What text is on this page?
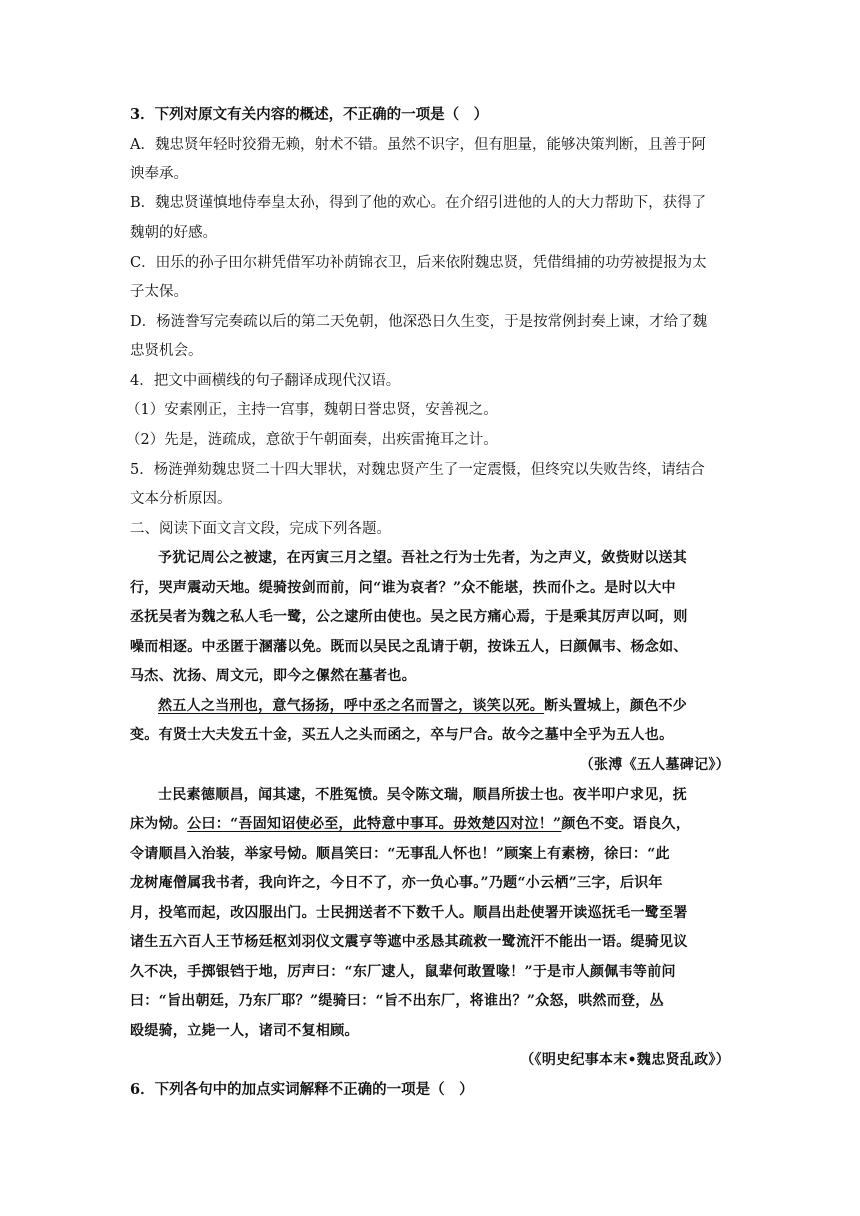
3．下列对原文有关内容的概述，不正确的一项是（　）
A．魏忠贤年轻时狡猾无赖，射术不错。虽然不识字，但有胆量，能够决策判断，且善于阿
谀奉承。
B．魏忠贤谨慎地侍奉皇太孙，得到了他的欢心。在介绍引进他的人的大力帮助下，获得了
魏朝的好感。
C．田乐的孙子田尔耕凭借军功补荫锦衣卫，后来依附魏忠贤，凭借缉捕的功劳被提报为太
子太保。
D．杨涟誊写完奏疏以后的第二天免朝，他深恐日久生变，于是按常例封奏上谏，才给了魏
忠贤机会。
4．把文中画横线的句子翻译成现代汉语。
（1）安素刚正，主持一宫事，魏朝日誉忠贤，安善视之。
（2）先是，涟疏成，意欲于午朝面奏，出疾雷掩耳之计。
5．杨涟弹劾魏忠贤二十四大罪状，对魏忠贤产生了一定震慑，但终究以失败告终，请结合
文本分析原因。
二、阅读下面文言文段，完成下列各题。
予犹记周公之被逮，在丙寅三月之望。吾社之行为士先者，为之声义，敛赀财以送其
行，哭声震动天地。缇骑按剑而前，问“谁为哀者？”众不能堪，抶而仆之。是时以大中
丞抚吴者为魏之私人毛一鹭，公之逮所由使也。吴之民方痛心焉，于是乘其厉声以呵，则
噪而相逐。中丞匿于溷藩以免。既而以吴民之乱请于朝，按诛五人，曰颜佩韦、杨念如、
马杰、沈扬、周文元，即今之傫然在墓者也。
然五人之当刑也，意气扬扬，呼中丞之名而詈之，谈笑以死。断头置城上，颜色不少
变。有贤士大夫发五十金，买五人之头而函之，卒与尸合。故今之墓中全乎为五人也。
（张溥《五人墓碑记》）
士民素德顺昌，闻其逮，不胜冤愤。吴令陈文瑞，顺昌所拔士也。夜半叩户求见，抚
床为恸。公曰：“吾固知诏使必至，此特意中事耳。毋效楚囚对泣！”颜色不变。语良久，
令请顺昌入治装，举家号恸。顺昌笑曰：“无事乱人怀也！”顾案上有素榜，徐曰：“此
龙树庵僧属我书者，我向许之，今日不了，亦一负心事。”乃题“小云栖”三字，后识年
月，投笔而起，改囚服出门。士民拥送者不下数千人。顺昌出赴使署开读巡抚毛一鹭至署
诸生五六百人王节杨廷枢刘羽仪文震亨等遮中丞恳其疏救一鹭流汗不能出一语。缇骑见议
久不决，手掷银铛于地，厉声曰：“东厂逮人，鼠辈何敢置喙！”于是市人颜佩韦等前问
曰：“旨出朝廷，乃东厂耶？”缇骑曰：“旨不出东厂，将谁出？”众怒，哄然而登，丛
殴缇骑，立毙一人，诸司不复相顾。
（《明史纪事本末•魏忠贤乱政》）
6．下列各句中的加点实词解释不正确的一项是（　）
